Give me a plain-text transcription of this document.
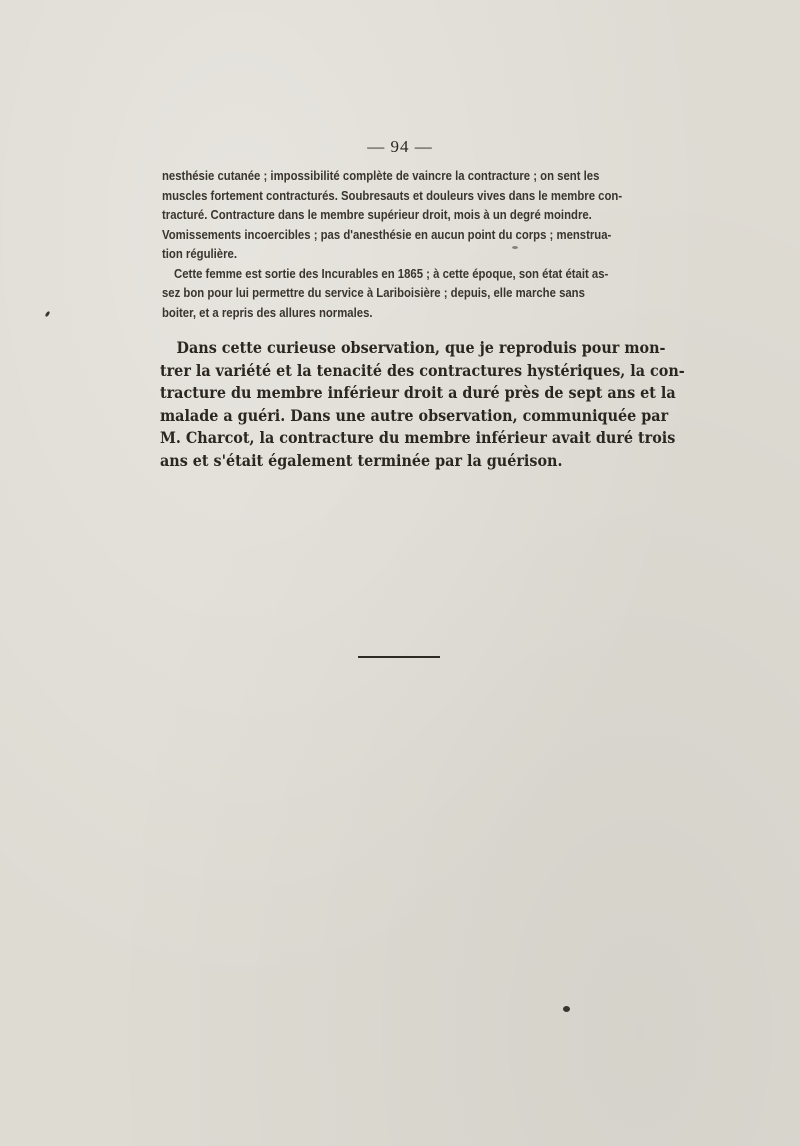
— 94 —

nesthésie cutanée ; impossibilité complète de vaincre la contracture ; on sent les
muscles fortement contracturés. Soubresauts et douleurs vives dans le membre con-
tracturé. Contracture dans le membre supérieur droit, mois à un degré moindre.
Vomissements incoercibles ; pas d'anesthésie en aucun point du corps ; menstrua-
tion régulière.

Cette femme est sortie des Incurables en 1865 ; à cette époque, son état était as-
sez bon pour lui permettre du service à Lariboisière ; depuis, elle marche sans
boiter, et a repris des allures normales.

Dans cette curieuse observation, que je reproduis pour mon-
trer la variété et la tenacité des contractures hystériques, la con-
tracture du membre inférieur droit a duré près de sept ans et la
malade a guéri. Dans une autre observation, communiquée par
M. Charcot, la contracture du membre inférieur avait duré trois
ans et s'était également terminée par la guérison.
